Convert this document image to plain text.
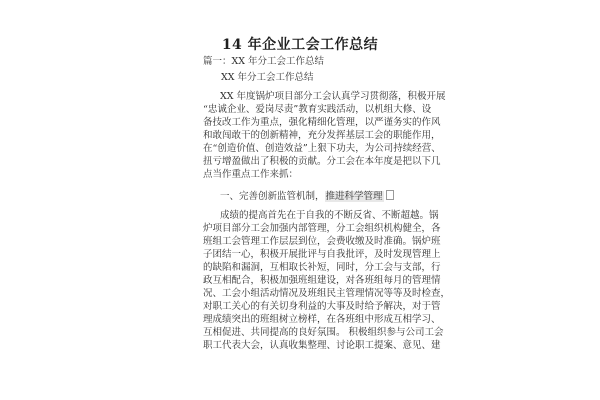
14 年企业工会工作总结
篇一：XX 年分工会工作总结
XX 年分工会工作总结
XX 年度锅炉项目部分工会认真学习贯彻落，积极开展
“忠诚企业、爱岗尽责”教育实践活动，以机组大修、设
备技改工作为重点，强化精细化管理，以严谨务实的作风
和敢闯敢干的创新精神，充分发挥基层工会的职能作用，
在“创造价值、创造效益”上狠下功夫，为公司持续经营、
扭亏增盈做出了积极的贡献。分工会在本年度是把以下几
点当作重点工作来抓：
一、完善创新监管机制，推进科学管理
成绩的提高首先在于自我的不断反省、不断超越。锅
炉项目部分工会加强内部管理，分工会组织机构健全，各
班组工会管理工作层层到位，会费收缴及时准确。锅炉班
子团结一心，积极开展批评与自我批评，及时发现管理上
的缺陷和漏洞，互相取长补短，同时，分工会与支部，行
政互相配合，积极加强班组建设，对各班组每月的管理情
况、工会小组活动情况及班组民主管理情况等等及时检查，
对职工关心的有关切身利益的大事及时给予解决，对于管
理成绩突出的班组树立榜样，在各班组中形成互相学习、
互相促进、共同提高的良好氛围。 积极组织参与公司工会
职工代表大会，认真收集整理、讨论职工提案、意见、建
